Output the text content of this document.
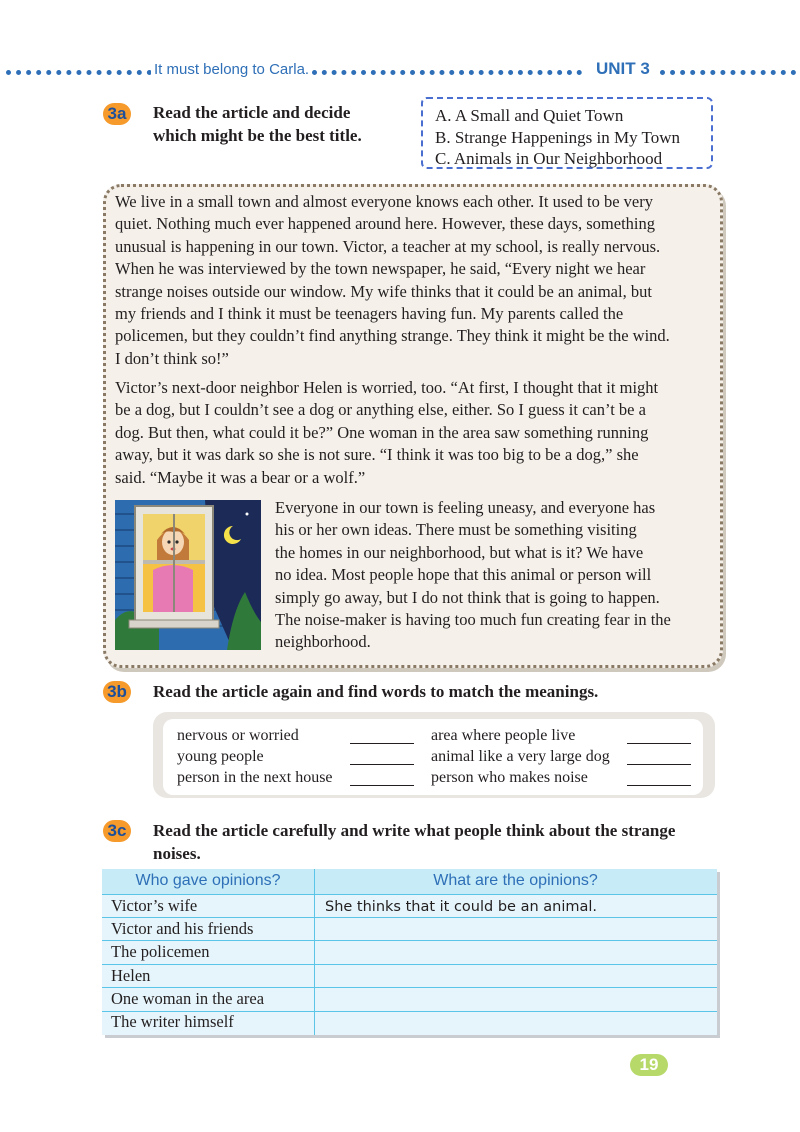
It must belong to Carla.	UNIT 3
3a Read the article and decide
which might be the best title.
A. A Small and Quiet Town
B. Strange Happenings in My Town
C. Animals in Our Neighborhood
We live in a small town and almost everyone knows each other. It used to be very
quiet. Nothing much ever happened around here. However, these days, something
unusual is happening in our town. Victor, a teacher at my school, is really nervous.
When he was interviewed by the town newspaper, he said, “Every night we hear
strange noises outside our window. My wife thinks that it could be an animal, but
my friends and I think it must be teenagers having fun. My parents called the
policemen, but they couldn’t find anything strange. They think it might be the wind.
I don’t think so!”
Victor’s next-door neighbor Helen is worried, too. “At first, I thought that it might
be a dog, but I couldn’t see a dog or anything else, either. So I guess it can’t be a
dog. But then, what could it be?” One woman in the area saw something running
away, but it was dark so she is not sure. “I think it was too big to be a dog,” she
said. “Maybe it was a bear or a wolf.”
Everyone in our town is feeling uneasy, and everyone has
his or her own ideas. There must be something visiting
the homes in our neighborhood, but what is it? We have
no idea. Most people hope that this animal or person will
simply go away, but I do not think that is going to happen.
The noise-maker is having too much fun creating fear in the
neighborhood.
3b Read the article again and find words to match the meanings.
nervous or worried
young people
person in the next house
area where people live
animal like a very large dog
person who makes noise
3c Read the article carefully and write what people think about the strange
noises.
Who gave opinions?	What are the opinions?
Victor’s wife	She thinks that it could be an animal.
Victor and his friends
The policemen
Helen
One woman in the area
The writer himself
19
